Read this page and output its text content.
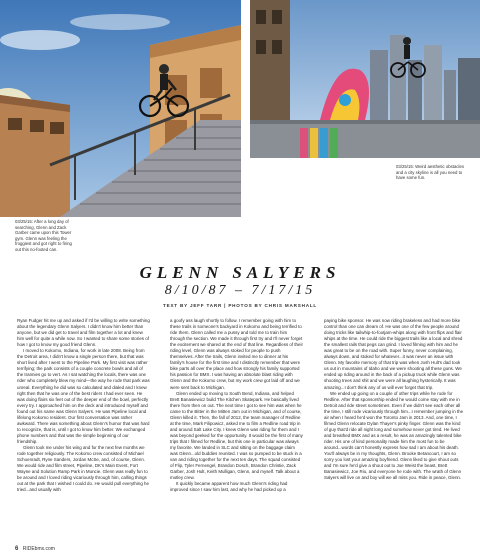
03/25/15: After a long day of searching, Glenn and Zack Garber came upon this Tower gym. Glenn was feeling the froggiest and got right to firing out this no-footed can.
03/25/15: Weird aesthetic obstacles and a city skyline is all you need to have some fun.
GLENN SALYERS
8/10/87 – 7/17/15
TEXT BY JEFF TARR | PHOTOS BY CHRIS MARSHALL

Ryan Fudger hit me up and asked if I'd be willing to write something about the legendary Glenn Salyers. I didn't know him better than anyone, but we did get to travel and film together a lot and knew him well for quite a while now. So I wanted to share some stories of how I got to know my good friend Glenn.

I moved to Kokomo, Indiana, for work in late 2008. Being from the Detroit area, I didn't know a single person there, but that was short lived after I went to the Pipeline Park. My first visit was rather terrifying; the park consists of a couple concrete bowls and all of the trannies go to vert. As I sat watching the locals, there was one rider who completely blew my mind—the way he rode that park was unreal. Everything he did was so calculated and dialed and I knew right then that he was one of the best riders I had ever seen. He was doing flairs six feet out of the deeper end of the bowl, perfectly every try. I approached him on the deck and introduced myself and found out his name was Glenn Salyers. He was Pipeline local and lifelong Kokomo resident. Our first conversation was rather awkward. There was something about Glenn's humor that was hard to recognize, that is, until I got to know him better. We exchanged phone numbers and that was the simple beginning of our friendship.

Glenn took me under his wing and for the next few months we rode together religiously. The Kokomo crew consisted of Michael Schoenradt, Ryne Sanders, Jordan McSe, and, of course, Glenn. We would ride and film street, Pipeline, DK's Main Event, Fort Wayne and Solution Ramp Park in Muncie. Glenn was really fun to be around and I loved riding vicariously through him, calling things out at the park that I wished I could do. He would pull everything he tried...and usually with

a goofy ass laugh shortly to follow. I remember going with him to these trails in someone's backyard in Kokomo and being terrified to ride them. Glenn called me a pussy and told me to train him through the section. We made it through first try and I'll never forget the excitement we shared at the end of that line. Regardless of their riding level, Glenn was always stoked for people to push themselves. After the trails, Glenn invited me to dinner at his family's house for the first time and I distinctly remember that were bike parts all over the place and how strongly his family supported his passion for BMX. I was having an absolute blast riding with Glenn and the Kokomo crew, but my work crew got laid off and we were sent back to Michigan.

Glenn ended up moving to South Bend, Indiana, and helped Brett Banasiewicz build The Kitchen Skatepark. He basically lived there from then on out. The next time I got to see him was when he came to the Bitter in the Mitten Jam out in Michigan, and of course, Glenn killed it. Then, the fall of 2012, the team manager of Redline at the time, Mark Filipowicz, asked me to film a Redline road trip in and around Salt Lake City. I knew Glenn was riding for them and I was beyond geeked for the opportunity. It would be the first of many trips that I filmed for Redline, but this one in particular was always my favorite. We landed in SLC and sitting on the baggage claim was Glenn...old buddies reunited. I was so pumped to be stuck in a van and riding together for the next ten days. The squad consisted of Flip, Tyler Fernengel, Brandon Dosch, Brandon Christie, Zack Garber, Josh Hult, Keith Mulligan, Glenn, and myself. Talk about a motley crew.

It quickly became apparent how much Glenn's riding had improved since I saw him last, and why he had picked up a

paying bike sponsor. He was now riding brakeless and had more bike control than one can dream of. He was one of the few people around doing tricks like tailwhip-to-footjam-whips along with front flips and flair whips at the time. He could ride the biggest trails like a local and shred the smallest rails that pegs can grind. I loved filming with him and he was great to be on the road with. Super funny, never complaining, always down, and stoked for whatever...it was never an issue with Glenn. My favorite memory of that trip was when Josh Hult's dad took us out in mountains of Idaho and we were shooting all these guns. We ended up riding around in the back of a pickup truck while Glenn was shooting trees and shit and we were all laughing hysterically. It was amazing...I don't think any of us will ever forget that trip.

We ended up going on a couple of other trips while he rode for Redline. After that sponsorship ended he would come stay with me in Detroit and ride street sometimes. Even if we didn't see each other all the time, I still rode vicariously through him...I remember jumping in the air when I heard he'd won the Toronto Jam in 2013. And, one time, I filmed Glenn relocate Dylan Thayer's pinky finger. Glenn was the kind of guy that'd ride all night long and somehow never got tired. He lived and breathed BMX and as a result, he was an amazingly talented bike rider. His one of kind personality made him the most fun to be around...words can't honestly express how sad I am about his death. You'll always be in my thoughts, Glenn. Brooke Betancourt, I am so sorry you lost your amazing boyfriend. Glenn liked to give shout outs and I'm sure he'd give a shout out to Joe Weist the beast, Brett Banasiewicz, Joe Rio, and everyone he rode with. The wrath of Glenn Salyers will live on and boy will we all miss you. Ride in peace, Glenn.

6 RIDEbmx.com
